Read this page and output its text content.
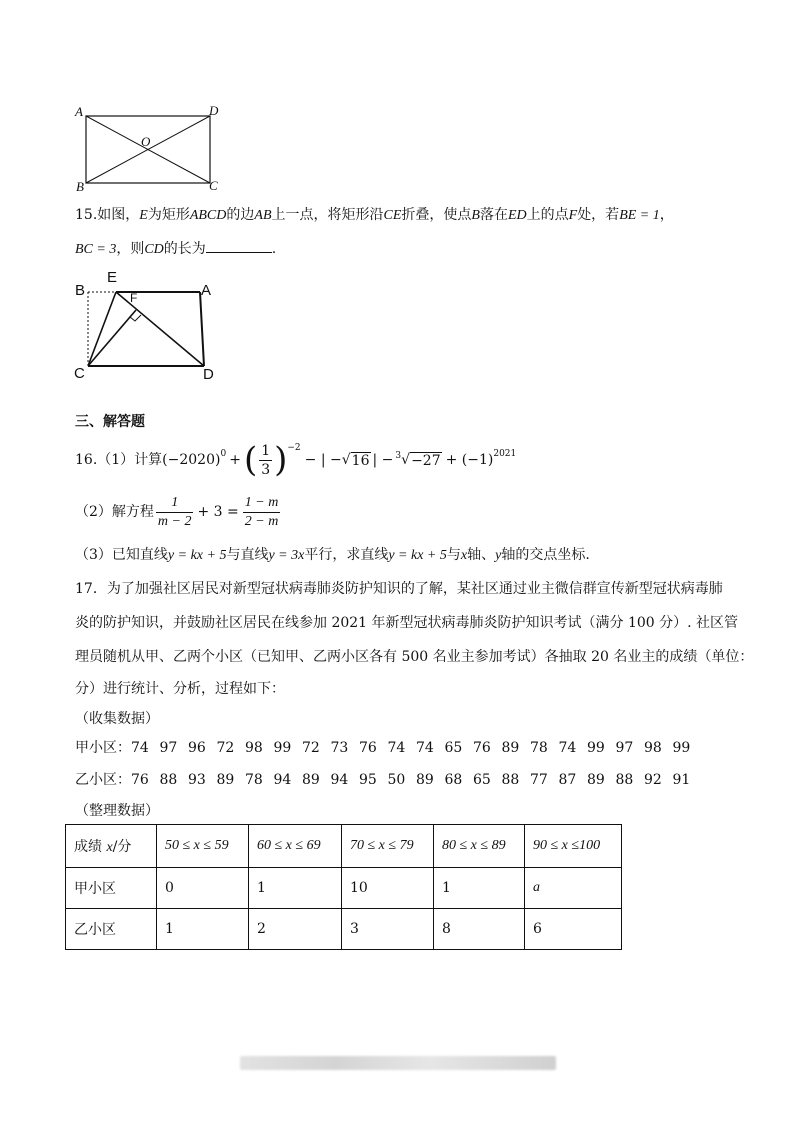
A	D
O
B	C
15.如图，E为矩形ABCD的边AB上一点，将矩形沿CE折叠，使点B落在ED上的点F处，若BE = 1，
BC = 3，则CD的长为	.
B
E
A
F
C	D
三、解答题
16.（1）计算 $(-2020)^0$ + ( $\frac{1}{3} )^{-2}$
− | − √ 16 | −$^3$ √ $-27 + (-1)^{2021}$
（2）解方程 $\frac{1}{m - 2} + 3 = \frac{1 - m}{2 - m}$
（3）已知直线y = kx + 5与直线y = 3x平行，求直线y = kx + 5与x轴、y轴的交点坐标.
17．为了加强社区居民对新型冠状病毒肺炎防护知识的了解，某社区通过业主微信群宣传新型冠状病毒肺
炎的防护知识，并鼓励社区居民在线参加 2021 年新型冠状病毒肺炎防护知识考试（满分 100 分）. 社区管
理员随机从甲、乙两个小区（已知甲、乙两小区各有 500 名业主参加考试）各抽取 20 名业主的成绩（单位：
分）进行统计、分析，过程如下：
（收集数据）
甲小区： 74 97 96 72 98 99 72 73 76 74 74 65 76 89 78 74 99 97 98 99
乙小区： 76 88 93 89 78 94 89 94 95 50 89 68 65 88 77 87 89 88 92 91
（整理数据）
成绩 x/分	50 ≤ x ≤ 59	60 ≤ x ≤ 69	70 ≤ x ≤ 79	80 ≤ x ≤ 89	90 ≤ x ≤100
甲小区	0	1	10	1	a
乙小区	1	2	3	8	6
